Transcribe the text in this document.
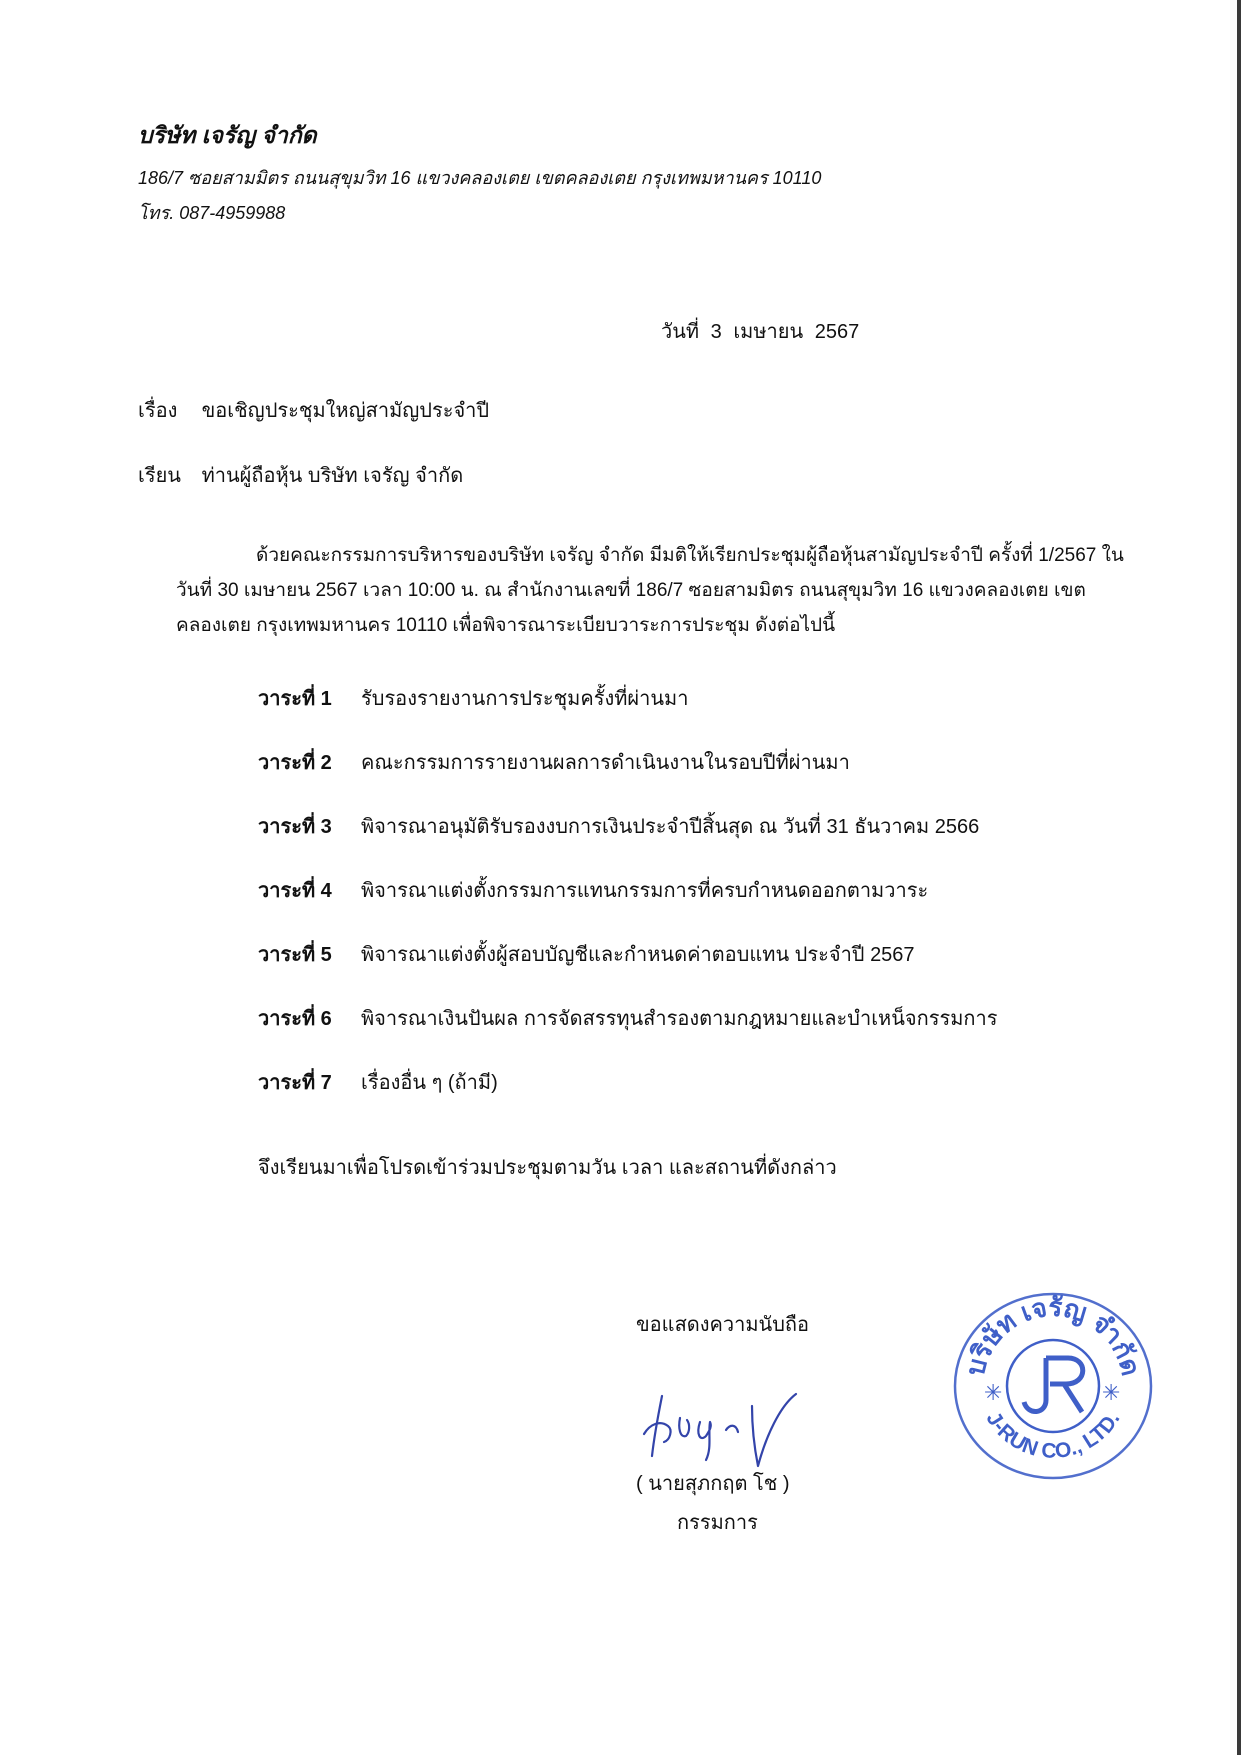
บริษัท เจรัญ จำกัด
186/7 ซอยสามมิตร ถนนสุขุมวิท 16 แขวงคลองเตย เขตคลองเตย กรุงเทพมหานคร 10110
โทร. 087-4959988
วันที่ 3 เมษายน 2567
เรื่อง ขอเชิญประชุมใหญ่สามัญประจำปี
เรียน ท่านผู้ถือหุ้น บริษัท เจรัญ จำกัด

ด้วยคณะกรรมการบริหารของบริษัท เจรัญ จำกัด มีมติให้เรียกประชุมผู้ถือหุ้นสามัญประจำปี ครั้งที่ 1/2567 ในวันที่ 30 เมษายน 2567 เวลา 10:00 น. ณ สำนักงานเลขที่ 186/7 ซอยสามมิตร ถนนสุขุมวิท 16 แขวงคลองเตย เขตคลองเตย กรุงเทพมหานคร 10110 เพื่อพิจารณาระเบียบวาระการประชุม ดังต่อไปนี้

วาระที่ 1 รับรองรายงานการประชุมครั้งที่ผ่านมา
วาระที่ 2 คณะกรรมการรายงานผลการดำเนินงานในรอบปีที่ผ่านมา
วาระที่ 3 พิจารณาอนุมัติรับรองงบการเงินประจำปีสิ้นสุด ณ วันที่ 31 ธันวาคม 2566
วาระที่ 4 พิจารณาแต่งตั้งกรรมการแทนกรรมการที่ครบกำหนดออกตามวาระ
วาระที่ 5 พิจารณาแต่งตั้งผู้สอบบัญชีและกำหนดค่าตอบแทน ประจำปี 2567
วาระที่ 6 พิจารณาเงินปันผล การจัดสรรทุนสำรองตามกฎหมายและบำเหน็จกรรมการ
วาระที่ 7 เรื่องอื่น ๆ (ถ้ามี)
จึงเรียนมาเพื่อโปรดเข้าร่วมประชุมตามวัน เวลา และสถานที่ดังกล่าว
ขอแสดงความนับถือ
( นายสุภกฤต โช )
กรรมการ
บริษัท เจรัญ จำกัด
J-RUN CO., LTD.
✳	✳
